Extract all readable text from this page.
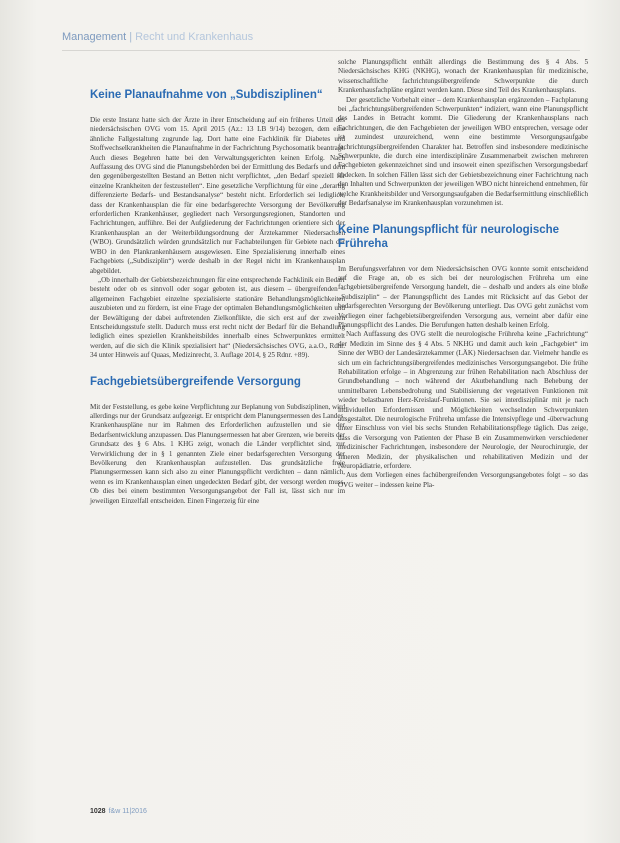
Management | Recht und Krankenhaus
Keine Planaufnahme von „Subdisziplinen“

Die erste Instanz hatte sich der Ärzte in ihrer Entscheidung auf ein früheres Urteil des niedersächsischen OVG vom 15. April 2015 (Az.: 13 LB 9/14) bezogen, dem eine ähnliche Fallgestaltung zugrunde lag. Dort hatte eine Fachklinik für Diabetes und Stoffwechselkrankheiten die Planaufnahme in der Fachrichtung Psychosomatik beantragt. Auch dieses Begehren hatte bei den Verwaltungsgerichten keinen Erfolg. Nach Auffassung des OVG sind die Planungsbehörden bei der Ermittlung des Bedarfs und dem den gegenübergestellten Bestand an Betten nicht verpflichtet, „den Bedarf speziell für einzelne Krankheiten der festzustellen“. Eine gesetzliche Verpflichtung für eine „derartig differenzierte Bedarfs- und Bestandsanalyse“ besteht nicht. Erforderlich sei lediglich, dass der Krankenhausplan die für eine bedarfsgerechte Versorgung der Bevölkerung erforderlichen Krankenhäuser, gegliedert nach Versorgungsregionen, Standorten und Fachrichtungen, aufführe. Bei der Aufgliederung der Fachrichtungen orientiere sich der Krankenhausplan an der Weiterbildungsordnung der Ärztekammer Niedersachsen (WBO). Grundsätzlich würden grundsätzlich nur Fachabteilungen für Gebiete nach der WBO in den Plankrankenhäusern ausgewiesen. Eine Spezialisierung innerhalb eines Fachgebiets („Subdisziplin“) werde deshalb in der Regel nicht im Krankenhausplan abgebildet.

„Ob innerhalb der Gebietsbezeichnungen für eine entsprechende Fachklinik ein Bedarf besteht oder ob es sinnvoll oder sogar geboten ist, aus diesem – übergreifenden – allgemeinen Fachgebiet einzelne spezialisierte stationäre Behandlungsmöglichkeiten auszubieten und zu fördern, ist eine Frage der optimalen Behandlungsmöglichkeiten und der Bewältigung der dabei auftretenden Zielkonflikte, die sich erst auf der zweiten Entscheidungsstufe stellt. Dadurch muss erst recht nicht der Bedarf für die Behandlung lediglich eines speziellen Krankheitsbildes innerhalb eines Schwerpunktes ermittelt werden, auf die sich die Klinik spezialisiert hat“ (Niedersächsisches OVG, a.a.O., Rdnr. 34 unter Hinweis auf Quaas, Medizinrecht, 3. Auflage 2014, § 25 Rdnr. +89).

Fachgebietsübergreifende Versorgung

Mit der Feststellung, es gebe keine Verpflichtung zur Beplanung von Subdisziplinen, wird allerdings nur der Grundsatz aufgezeigt. Er entspricht dem Planungsermessen des Landes. Krankenhauspläne nur im Rahmen des Erforderlichen aufzustellen und sie der Bedarfsentwicklung anzupassen. Das Planungsermessen hat aber Grenzen, wie bereits der Grundsatz des § 6 Abs. 1 KHG zeigt, wonach die Länder verpflichtet sind, zur Verwirklichung der in § 1 genannten Ziele einer bedarfsgerechten Versorgung der Bevölkerung den Krankenhausplan aufzustellen. Das grundsätzliche freie Planungsermessen kann sich also zu einer Planungspflicht verdichten – dann nämlich, wenn es im Krankenhausplan einen ungedeckten Bedarf gibt, der versorgt werden muss. Ob dies bei einem bestimmten Versorgungsangebot der Fall ist, lässt sich nur im jeweiligen Einzelfall entscheiden. Einen Fingerzeig für eine

solche Planungspflicht enthält allerdings die Bestimmung des § 4 Abs. 5 Niedersächsisches KHG (NKHG), wonach der Krankenhausplan für medizinische, wissenschaftliche fachrichtungsübergreifende Schwerpunkte die durch Krankenhausfachpläne ergänzt werden kann. Diese sind Teil des Krankenhausplans.

Der gesetzliche Vorbehalt einer – dem Krankenhausplan ergänzenden – Fachplanung bei „fachrichtungsübergreifenden Schwerpunkten“ indiziert, wann eine Planungspflicht des Landes in Betracht kommt. Die Gliederung der Krankenhausplans nach Fachrichtungen, die den Fachgebieten der jeweiligen WBO entsprechen, versage oder ist zumindest unzureichend, wenn eine bestimmte Versorgungsaufgabe fachrichtungsübergreifenden Charakter hat. Betroffen sind insbesondere medizinische Schwerpunkte, die durch eine interdisziplinäre Zusammenarbeit zwischen mehreren Fachgebieten gekennzeichnet sind und insoweit einen spezifischen Versorgungsbedarf abdecken. In solchen Fällen lässt sich der Gebietsbezeichnung einer Fachrichtung nach den Inhalten und Schwerpunkten der jeweiligen WBO nicht hinreichend entnehmen, für welche Krankheitsbilder und Versorgungsaufgaben die Bedarfsermittlung einschließlich der Bedarfsanalyse im Krankenhausplan vorzunehmen ist.

Keine Planungspflicht für neurologische Frühreha

Im Berufungsverfahren vor dem Niedersächsischen OVG konnte somit entscheidend auf die Frage an, ob es sich bei der neurologischen Frühreha um eine fachgebietsübergreifende Versorgung handelt, die – deshalb und anders als eine bloße „Subdisziplin“ – der Planungspflicht des Landes mit Rücksicht auf das Gebot der bedarfsgerechten Versorgung der Bevölkerung unterliegt. Das OVG geht zunächst vom Vorliegen einer fachgebietsübergreifenden Versorgung aus, verneint aber dafür eine Planungspflicht des Landes. Die Berufungen hatten deshalb keinen Erfolg.

Nach Auffassung des OVG stellt die neurologische Frühreha keine „Fachrichtung“ der Medizin im Sinne des § 4 Abs. 5 NKHG und damit auch kein „Fachgebiet“ im Sinne der WBO der Landesärztekammer (LÄK) Niedersachsen dar. Vielmehr handle es sich um ein fachrichtungsübergreifendes medizinisches Versorgungsangebot. Die frühe Rehabilitation erfolge – in Abgrenzung zur frühen Rehabilitation nach Abschluss der Grundbehandlung – noch während der Akutbehandlung nach Behebung der unmittelbaren Lebensbedrohung und Stabilisierung der vegetativen Funktionen mit wieder belastbaren Herz-Kreislauf-Funktionen. Sie sei interdisziplinär mit je nach individuellen Erfordernissen und Möglichkeiten wechselnden Schwerpunkten ausgestaltet. Die neurologische Frühreha umfasse die Intensivpflege und -überwachung unter Einschluss von viel bis sechs Stunden Rehabilitationspflege täglich. Das zeige, dass die Versorgung von Patienten der Phase B ein Zusammenwirken verschiedener medizinischer Fachrichtungen, insbesondere der Neurologie, der Neurochirurgie, der Inneren Medizin, der physikalischen und rehabilitativen Medizin und der Neuropädiatrie, erfordere.

Aus dem Vorliegen eines fachübergreifenden Versorgungsangebotes folgt – so das OVG weiter – indessen keine Pla-

1028 f&w 11|2016
